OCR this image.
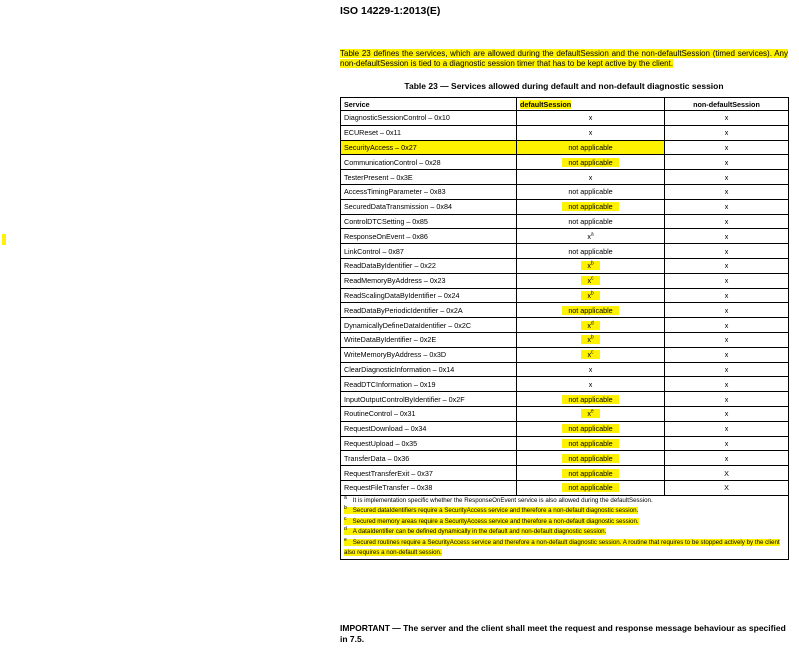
ISO 14229-1:2013(E)
Table 23 defines the services, which are allowed during the defaultSession and the non-defaultSession (timed services). Any non-defaultSession is tied to a diagnostic session timer that has to be kept active by the client.
Table 23 — Services allowed during default and non-default diagnostic session
Service	defaultSession	non-defaultSession
DiagnosticSessionControl – 0x10	x	x
ECUReset – 0x11	x	x
SecurityAccess – 0x27	not applicable	x
CommunicationControl – 0x28	not applicable	x
TesterPresent – 0x3E	x	x
AccessTimingParameter – 0x83	not applicable	x
SecuredDataTransmission – 0x84	not applicable	x
ControlDTCSetting – 0x85	not applicable	x
ResponseOnEvent – 0x86	$x^a$	x
LinkControl – 0x87	not applicable	x
ReadDataByIdentifier – 0x22	$x^b$	x
ReadMemoryByAddress – 0x23	$x^c$	x
ReadScalingDataByIdentifier – 0x24	$x^b$	x
ReadDataByPeriodicIdentifier – 0x2A	not applicable	x
DynamicallyDefineDataIdentifier – 0x2C	$x^d$	x
WriteDataByIdentifier – 0x2E	$x^b$	x
WriteMemoryByAddress – 0x3D	$x^c$	x
ClearDiagnosticInformation – 0x14	x	x
ReadDTCInformation – 0x19	x	x
InputOutputControlByIdentifier – 0x2F	not applicable	x
RoutineControl – 0x31	$x^e$	x
RequestDownload – 0x34	not applicable	x
RequestUpload – 0x35	not applicable	x
TransferData – 0x36	not applicable	x
RequestTransferExit – 0x37	not applicable	X
RequestFileTransfer – 0x38	not applicable	X

$^a$ It is implementation specific whether the ResponseOnEvent service is also allowed during the defaultSession.
$^b$ Secured dataIdentifiers require a SecurityAccess service and therefore a non-default diagnostic session.
$^c$ Secured memory areas require a SecurityAccess service and therefore a non-default diagnostic session.
$^d$ A dataIdentifier can be defined dynamically in the default and non-default diagnostic session.
$^e$ Secured routines require a SecurityAccess service and therefore a non-default diagnostic session. A routine that requires to be stopped actively by the client also requires a non-default session.		
IMPORTANT — The server and the client shall meet the request and response message behaviour as specified in 7.5.
